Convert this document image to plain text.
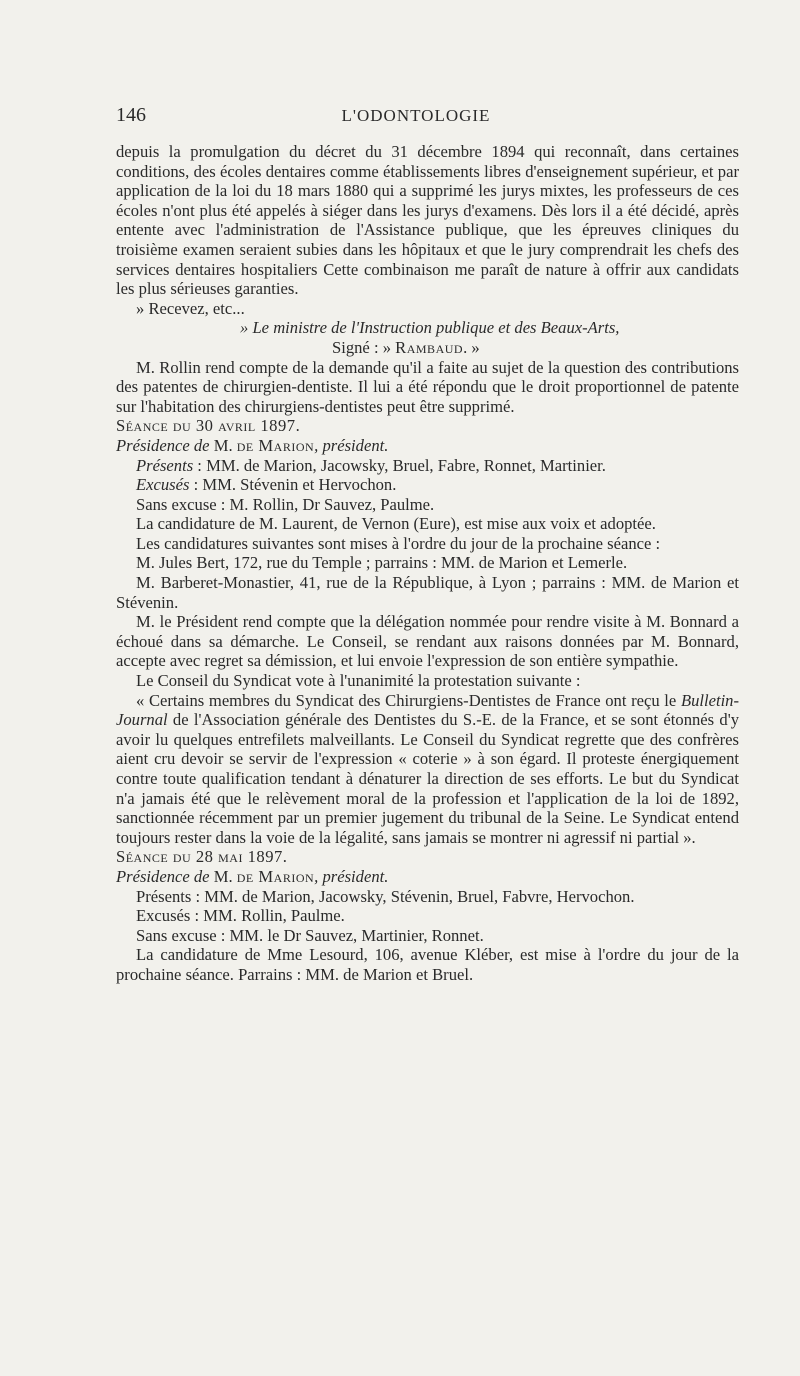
146	L'ODONTOLOGIE

depuis la promulgation du décret du 31 décembre 1894 qui reconnaît, dans certaines conditions, des écoles dentaires comme établissements libres d'enseignement supérieur, et par application de la loi du 18 mars 1880 qui a supprimé les jurys mixtes, les professeurs de ces écoles n'ont plus été appelés à siéger dans les jurys d'examens. Dès lors il a été décidé, après entente avec l'administration de l'Assistance publique, que les épreuves cliniques du troisième examen seraient subies dans les hôpitaux et que le jury comprendrait les chefs des services dentaires hospitaliers Cette combinaison me paraît de nature à offrir aux candidats les plus sérieuses garanties.

» Recevez, etc...

» Le ministre de l'Instruction publique et des Beaux-Arts,

Signé : » Rambaud. »

M. Rollin rend compte de la demande qu'il a faite au sujet de la question des contributions des patentes de chirurgien-dentiste. Il lui a été répondu que le droit proportionnel de patente sur l'habitation des chirurgiens-dentistes peut être supprimé.

Séance du 30 avril 1897.

Présidence de M. de Marion, président.

Présents : MM. de Marion, Jacowsky, Bruel, Fabre, Ronnet, Martinier.

Excusés : MM. Stévenin et Hervochon.

Sans excuse : M. Rollin, Dr Sauvez, Paulme.

La candidature de M. Laurent, de Vernon (Eure), est mise aux voix et adoptée.

Les candidatures suivantes sont mises à l'ordre du jour de la prochaine séance :

M. Jules Bert, 172, rue du Temple ; parrains : MM. de Marion et Lemerle.

M. Barberet-Monastier, 41, rue de la République, à Lyon ; parrains : MM. de Marion et Stévenin.

M. le Président rend compte que la délégation nommée pour rendre visite à M. Bonnard a échoué dans sa démarche. Le Conseil, se rendant aux raisons données par M. Bonnard, accepte avec regret sa démission, et lui envoie l'expression de son entière sympathie.

Le Conseil du Syndicat vote à l'unanimité la protestation suivante :

« Certains membres du Syndicat des Chirurgiens-Dentistes de France ont reçu le Bulletin-Journal de l'Association générale des Dentistes du S.-E. de la France, et se sont étonnés d'y avoir lu quelques entrefilets malveillants. Le Conseil du Syndicat regrette que des confrères aient cru devoir se servir de l'expression « coterie » à son égard. Il proteste énergiquement contre toute qualification tendant à dénaturer la direction de ses efforts. Le but du Syndicat n'a jamais été que le relèvement moral de la profession et l'application de la loi de 1892, sanctionnée récemment par un premier jugement du tribunal de la Seine. Le Syndicat entend toujours rester dans la voie de la légalité, sans jamais se montrer ni agressif ni partial ».

Séance du 28 mai 1897.

Présidence de M. de Marion, président.

Présents : MM. de Marion, Jacowsky, Stévenin, Bruel, Fabvre, Hervochon.

Excusés : MM. Rollin, Paulme.

Sans excuse : MM. le Dr Sauvez, Martinier, Ronnet.

La candidature de Mme Lesourd, 106, avenue Kléber, est mise à l'ordre du jour de la prochaine séance. Parrains : MM. de Marion et Bruel.
